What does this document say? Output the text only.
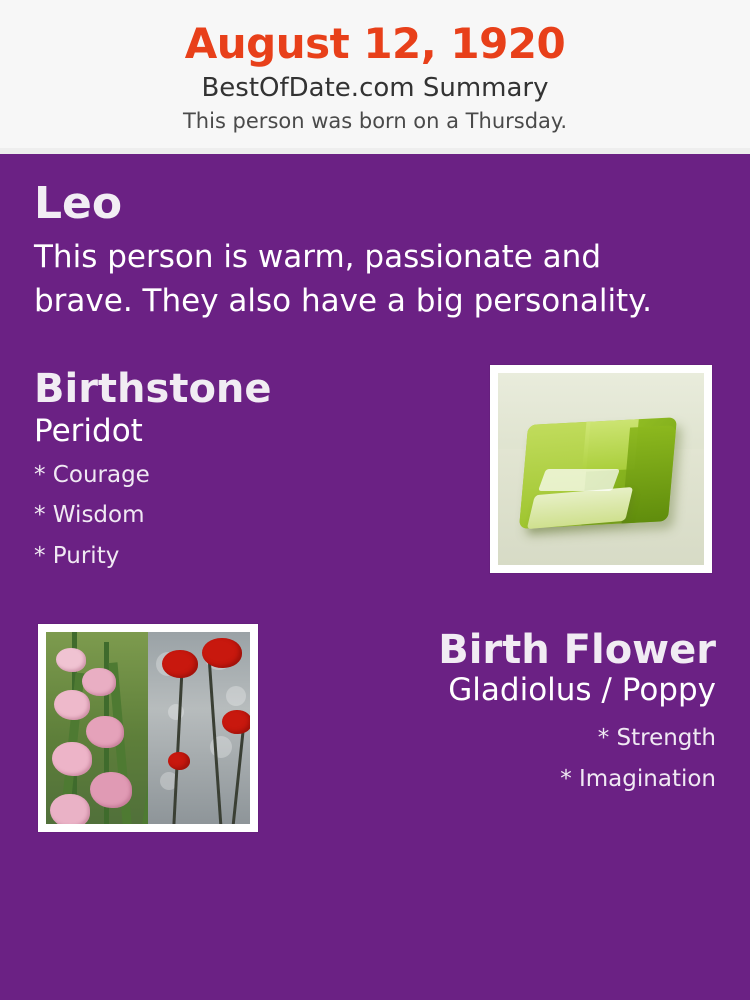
August 12, 1920
BestOfDate.com Summary
This person was born on a Thursday.
Leo
This person is warm, passionate and brave. They also have a big personality.
Birthstone
Peridot
* Courage
* Wisdom
* Purity
Birth Flower
Gladiolus / Poppy
* Strength
* Imagination
